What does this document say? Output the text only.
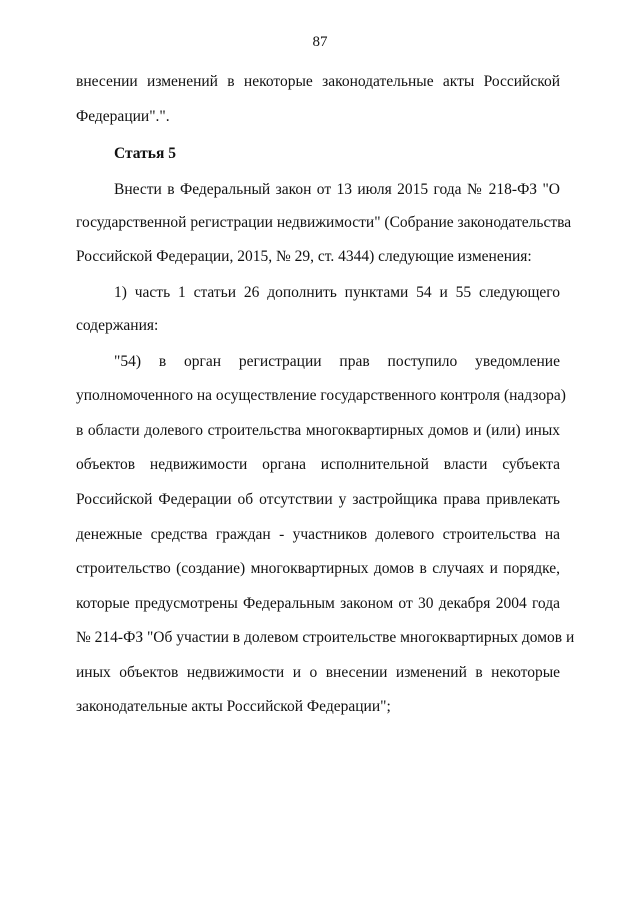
87
внесении изменений в некоторые законодательные акты Российской
Федерации".".
Статья 5
Внести в Федеральный закон от 13 июля 2015 года № 218-ФЗ "О
государственной регистрации недвижимости" (Собрание законодательства
Российской Федерации, 2015, № 29, ст. 4344) следующие изменения:
1) часть 1 статьи 26 дополнить пунктами 54 и 55 следующего
содержания:
"54) в орган регистрации прав поступило уведомление
уполномоченного на осуществление государственного контроля (надзора)
в области долевого строительства многоквартирных домов и (или) иных
объектов недвижимости органа исполнительной власти субъекта
Российской Федерации об отсутствии у застройщика права привлекать
денежные средства граждан - участников долевого строительства на
строительство (создание) многоквартирных домов в случаях и порядке,
которые предусмотрены Федеральным законом от 30 декабря 2004 года
№ 214-ФЗ "Об участии в долевом строительстве многоквартирных домов и
иных объектов недвижимости и о внесении изменений в некоторые
законодательные акты Российской Федерации";
